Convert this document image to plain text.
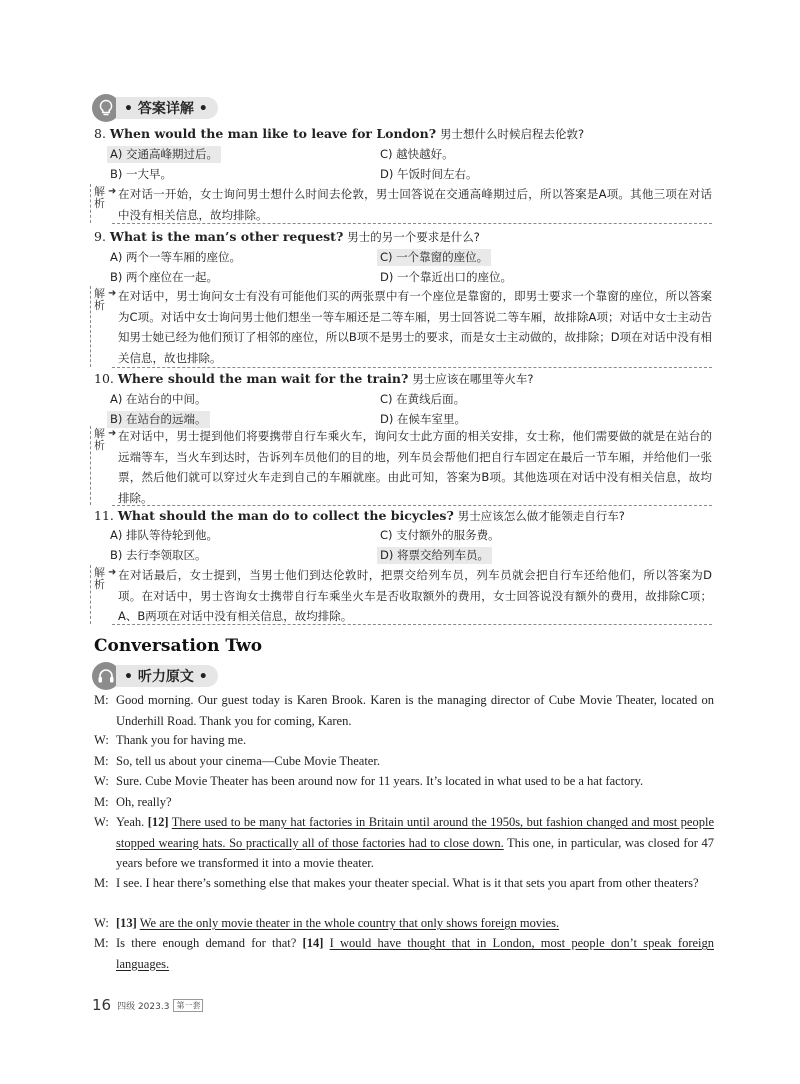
• 答案详解 •
8. When would the man like to leave for London? 男士想什么时候启程去伦敦?
A) 交通高峰期过后。	C) 越快越好。
B) 一大早。	D) 午饭时间左右。
解析
➜ 在对话一开始，女士询问男士想什么时间去伦敦，男士回答说在交通高峰期过后，所以答案是A项。其他三项在对话中没有相关信息，故均排除。
9. What is the man’s other request? 男士的另一个要求是什么?
A) 两个一等车厢的座位。	C) 一个靠窗的座位。
B) 两个座位在一起。	D) 一个靠近出口的座位。
解析
➜ 在对话中，男士询问女士有没有可能他们买的两张票中有一个座位是靠窗的，即男士要求一个靠窗的座位，所以答案为C项。对话中女士询问男士他们想坐一等车厢还是二等车厢，男士回答说二等车厢，故排除A项；对话中女士主动告知男士她已经为他们预订了相邻的座位，所以B项不是男士的要求，而是女士主动做的，故排除；D项在对话中没有相关信息，故也排除。
10. Where should the man wait for the train? 男士应该在哪里等火车?
A) 在站台的中间。	C) 在黄线后面。
B) 在站台的远端。	D) 在候车室里。
解析
➜ 在对话中，男士提到他们将要携带自行车乘火车，询问女士此方面的相关安排，女士称，他们需要做的就是在站台的远端等车，当火车到达时，告诉列车员他们的目的地，列车员会帮他们把自行车固定在最后一节车厢，并给他们一张票，然后他们就可以穿过火车走到自己的车厢就座。由此可知，答案为B项。其他选项在对话中没有相关信息，故均排除。
11. What should the man do to collect the bicycles? 男士应该怎么做才能领走自行车?
A) 排队等待轮到他。	C) 支付额外的服务费。
B) 去行李领取区。	D) 将票交给列车员。
解析
➜ 在对话最后，女士提到，当男士他们到达伦敦时，把票交给列车员，列车员就会把自行车还给他们，所以答案为D项。在对话中，男士咨询女士携带自行车乘坐火车是否收取额外的费用，女士回答说没有额外的费用，故排除C项；A、B两项在对话中没有相关信息，故均排除。
Conversation Two
• 听力原文 •
M: Good morning. Our guest today is Karen Brook. Karen is the managing director of Cube Movie Theater, located on Underhill Road. Thank you for coming, Karen.
W: Thank you for having me.
M: So, tell us about your cinema—Cube Movie Theater.
W: Sure. Cube Movie Theater has been around now for 11 years. It’s located in what used to be a hat factory.
M: Oh, really?
W: Yeah. [12] There used to be many hat factories in Britain until around the 1950s, but fashion changed and most people stopped wearing hats. So practically all of those factories had to close down. This one, in particular, was closed for 47 years before we transformed it into a movie theater.
M: I see. I hear there’s something else that makes your theater special. What is it that sets you apart from other theaters?
W: [13] We are the only movie theater in the whole country that only shows foreign movies.
M: Is there enough demand for that? [14] I would have thought that in London, most people don’t speak foreign languages.
16 四级 2023.3 第一套
